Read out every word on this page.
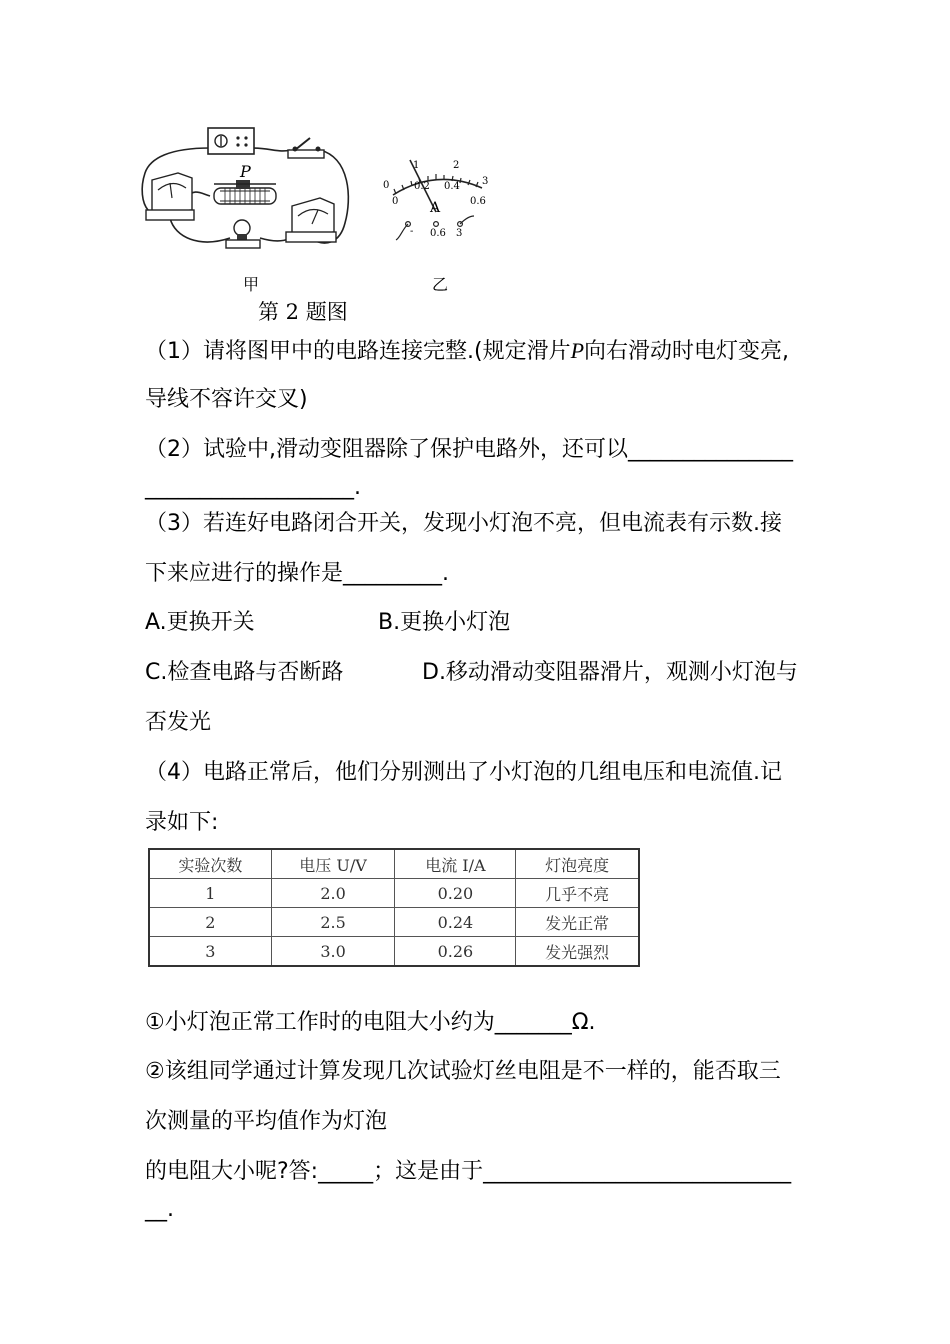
P	1	2
3
0
0
0.2 0.4
0.6
A
- 0.6 3
甲	乙
第 2 题图
（1）请将图甲中的电路连接完整.(规定滑片P向右滑动时电灯变亮,
导线不容许交叉)
（2）试验中,滑动变阻器除了保护电路外，还可以_______________
___________________.
（3）若连好电路闭合开关，发现小灯泡不亮，但电流表有示数.接
下来应进行的操作是_________.
A.更换开关	B.更换小灯泡
C.检查电路与否断路	D.移动滑动变阻器滑片，观测小灯泡与
否发光
（4）电路正常后，他们分别测出了小灯泡的几组电压和电流值.记
录如下:
实验次数	电压 U/V	电流 I/A	灯泡亮度
1	2.0	0.20	几乎不亮
2	2.5	0.24	发光正常
3	3.0	0.26	发光强烈
①小灯泡正常工作时的电阻大小约为_______Ω.
②该组同学通过计算发现几次试验灯丝电阻是不一样的，能否取三
次测量的平均值作为灯泡
的电阻大小呢?答:_____；这是由于____________________________
__.
